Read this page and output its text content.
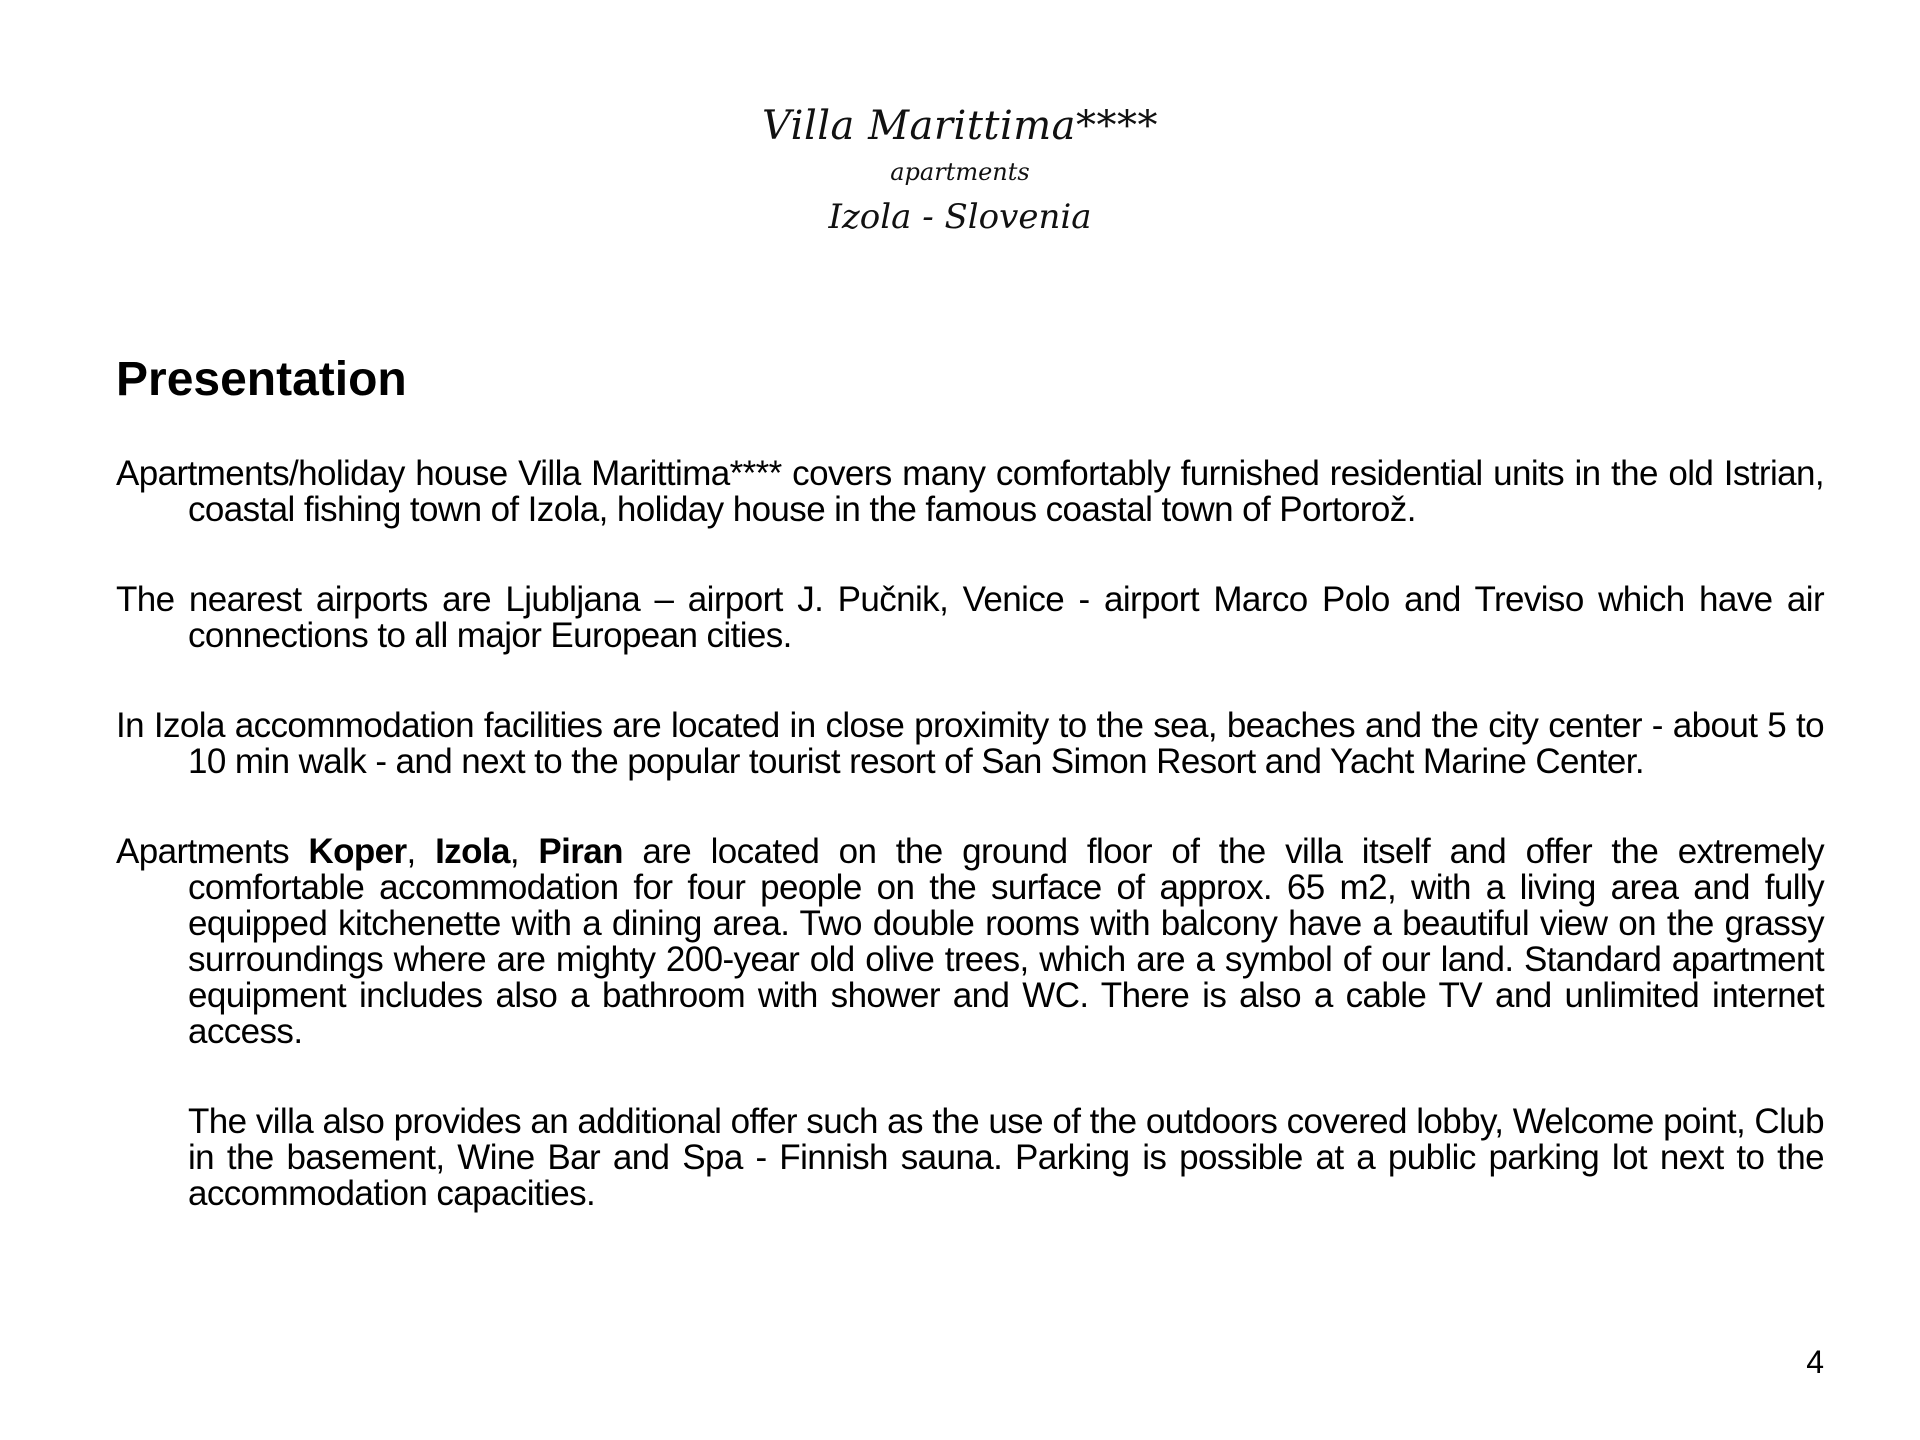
Villa Marittima****
apartments
Izola - Slovenia
Presentation

Apartments/holiday house Villa Marittima**** covers many comfortably furnished residential units in the old Istrian, coastal fishing town of Izola, holiday house in the famous coastal town of Portorož.

The nearest airports are Ljubljana – airport J. Pučnik, Venice - airport Marco Polo and Treviso which have air connections to all major European cities.

In Izola accommodation facilities are located in close proximity to the sea, beaches and the city center - about 5 to 10 min walk - and next to the popular tourist resort of San Simon Resort and Yacht Marine Center.

Apartments Koper, Izola, Piran are located on the ground floor of the villa itself and offer the extremely comfortable accommodation for four people on the surface of approx. 65 m2, with a living area and fully equipped kitchenette with a dining area. Two double rooms with balcony have a beautiful view on the grassy surroundings where are mighty 200-year old olive trees, which are a symbol of our land. Standard apartment equipment includes also a bathroom with shower and WC. There is also a cable TV and unlimited internet access.

The villa also provides an additional offer such as the use of the outdoors covered lobby, Welcome point, Club in the basement, Wine Bar and Spa - Finnish sauna. Parking is possible at a public parking lot next to the accommodation capacities.

4
